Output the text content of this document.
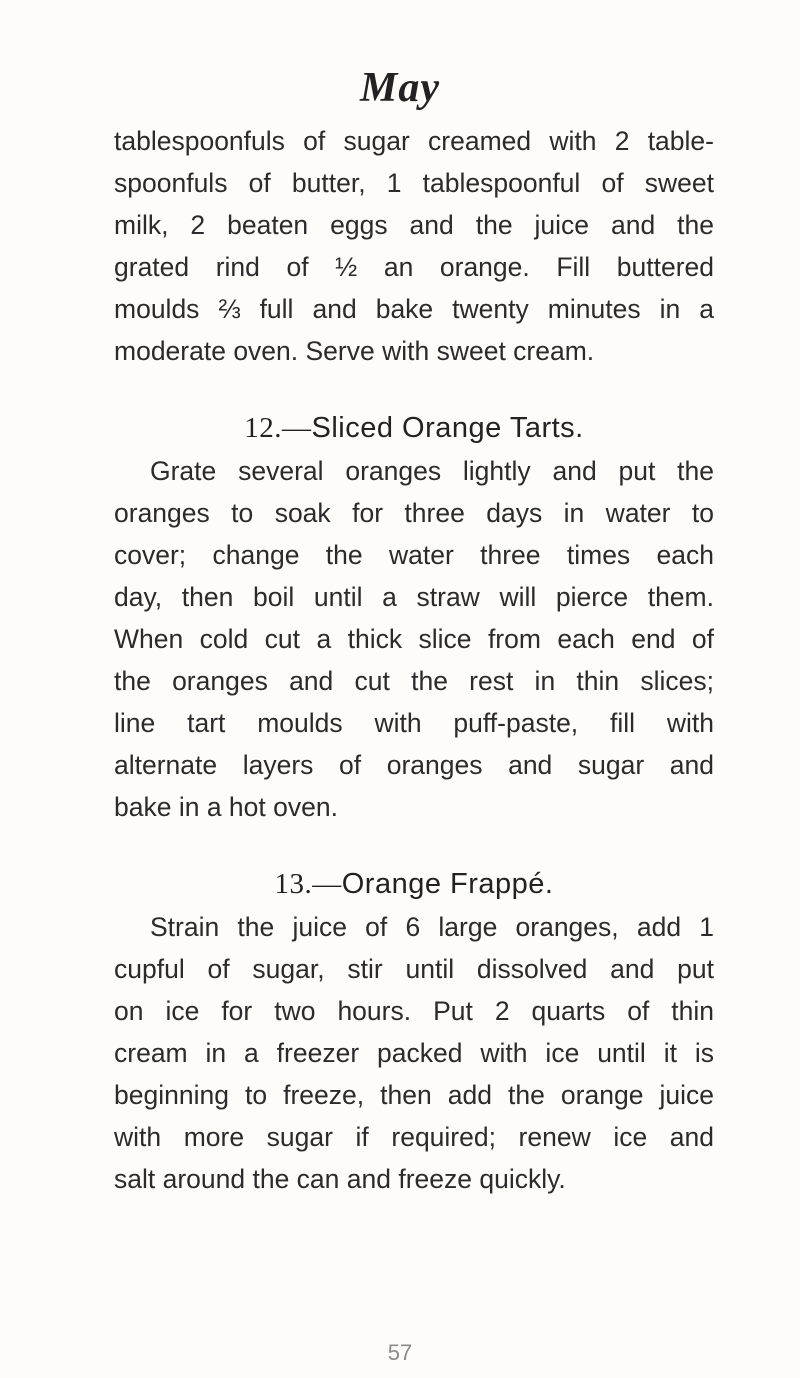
May

tablespoonfuls of sugar creamed with 2 table-
spoonfuls of butter, 1 tablespoonful of sweet
milk, 2 beaten eggs and the juice and the
grated rind of ½ an orange. Fill buttered
moulds ⅔ full and bake twenty minutes in a
moderate oven. Serve with sweet cream.

12.—Sliced Orange Tarts.

Grate several oranges lightly and put the
oranges to soak for three days in water to
cover; change the water three times each
day, then boil until a straw will pierce them.
When cold cut a thick slice from each end of
the oranges and cut the rest in thin slices;
line tart moulds with puff-paste, fill with
alternate layers of oranges and sugar and
bake in a hot oven.

13.—Orange Frappé.

Strain the juice of 6 large oranges, add 1
cupful of sugar, stir until dissolved and put
on ice for two hours. Put 2 quarts of thin
cream in a freezer packed with ice until it is
beginning to freeze, then add the orange juice
with more sugar if required; renew ice and
salt around the can and freeze quickly.

57
